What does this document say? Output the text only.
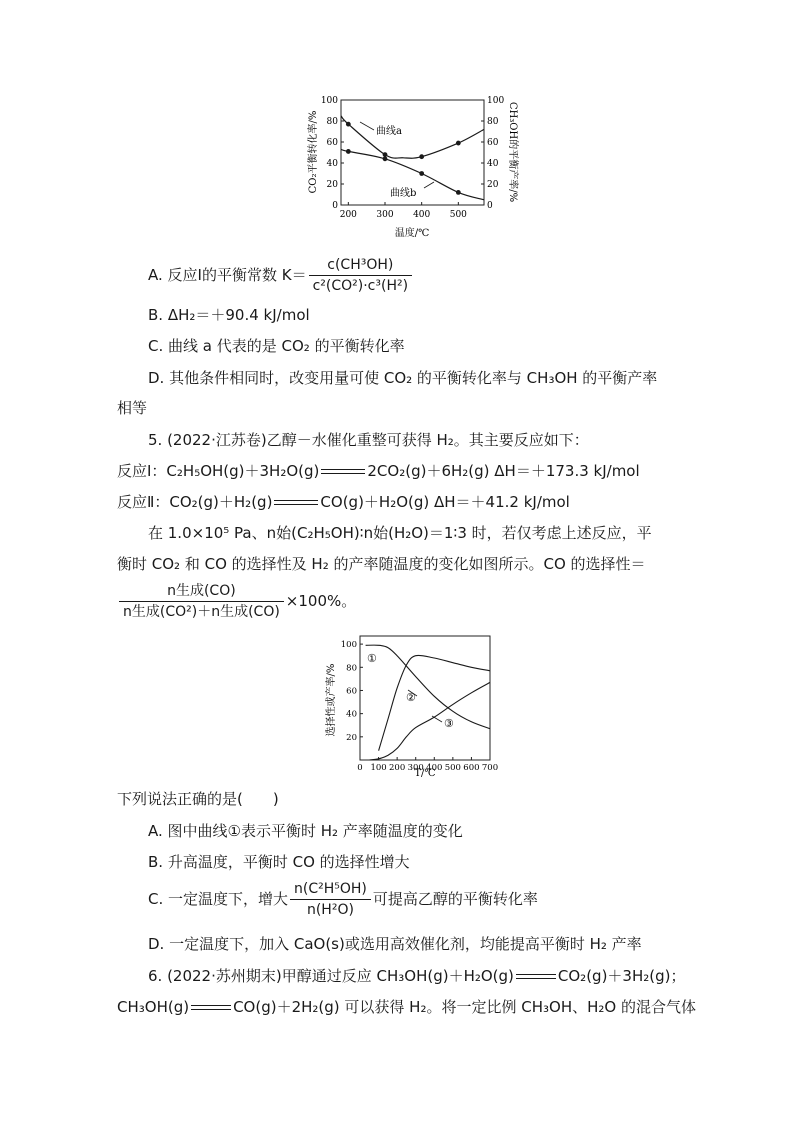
200 300 400 500
0
20
40
60
80
100
0
20
40
60
80
100
CO₂平衡转化率/%	CH₃OH的平衡产率/%
温度/℃
曲线a
曲线b
A. 反应Ⅰ的平衡常数 $K= \frac{\text{c(CH³OH)}}{\text{c²(CO²)·c³(H²)}}$
B. ΔH₂＝＋90.4 kJ/mol
C. 曲线 a 代表的是 CO₂ 的平衡转化率
D. 其他条件相同时，改变用量可使 CO₂ 的平衡转化率与 CH₃OH 的平衡产率
相等
5. (2022·江苏卷)乙醇－水催化重整可获得 H₂。其主要反应如下：
反应Ⅰ：C₂H₅OH(g)＋3H₂O(g)	2CO₂(g)＋6H₂(g) ΔH＝＋173.3 kJ/mol
反应Ⅱ：CO₂(g)＋H₂(g)	CO(g)＋H₂O(g) ΔH＝＋41.2 kJ/mol
在 1.0×10⁵ Pa、n始(C₂H₅OH)∶n始(H₂O)＝1∶3 时，若仅考虑上述反应，平
衡时 CO₂ 和 CO 的选择性及 H₂ 的产率随温度的变化如图所示。CO 的选择性＝
$\frac{\text{n生成(CO)}}{\text{n生成(CO²)＋n生成(CO)}} \times 100\%$。
0 100 200 300 400 500 600 700
20
40
60
80
100
选择性或产率/%
T/℃
①
②
③
下列说法正确的是(　　)
A. 图中曲线①表示平衡时 H₂ 产率随温度的变化
B. 升高温度，平衡时 CO 的选择性增大
C. 一定温度下，增大 $\frac{\text{n(C²H⁵OH)}}{\text{n(H²O)}}$ 可提高乙醇的平衡转化率
D. 一定温度下，加入 CaO(s)或选用高效催化剂，均能提高平衡时 H₂ 产率
6. (2022·苏州期末)甲醇通过反应 CH₃OH(g)＋H₂O(g)	CO₂(g)＋3H₂(g)；
CH₃OH(g)	CO(g)＋2H₂(g) 可以获得 H₂。将一定比例 CH₃OH、H₂O 的混合气体
